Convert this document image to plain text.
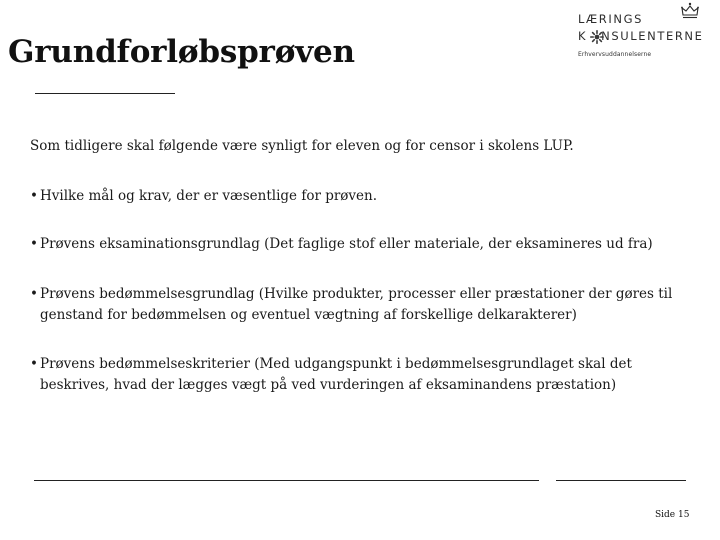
Grundforløbsprøven
LÆRINGS
K NSULENTERNE
Erhvervsuddannelserne
Som tidligere skal følgende være synligt for eleven og for censor i skolens LUP.
• Hvilke mål og krav, der er væsentlige for prøven.
• Prøvens eksaminationsgrundlag (Det faglige stof eller materiale, der eksamineres ud fra)
• Prøvens bedømmelsesgrundlag (Hvilke produkter, processer eller præstationer der gøres til genstand for bedømmelsen og eventuel vægtning af forskellige delkarakterer)
• Prøvens bedømmelseskriterier (Med udgangspunkt i bedømmelsesgrundlaget skal det beskrives, hvad der lægges vægt på ved vurderingen af eksaminandens præstation)
Side 15
